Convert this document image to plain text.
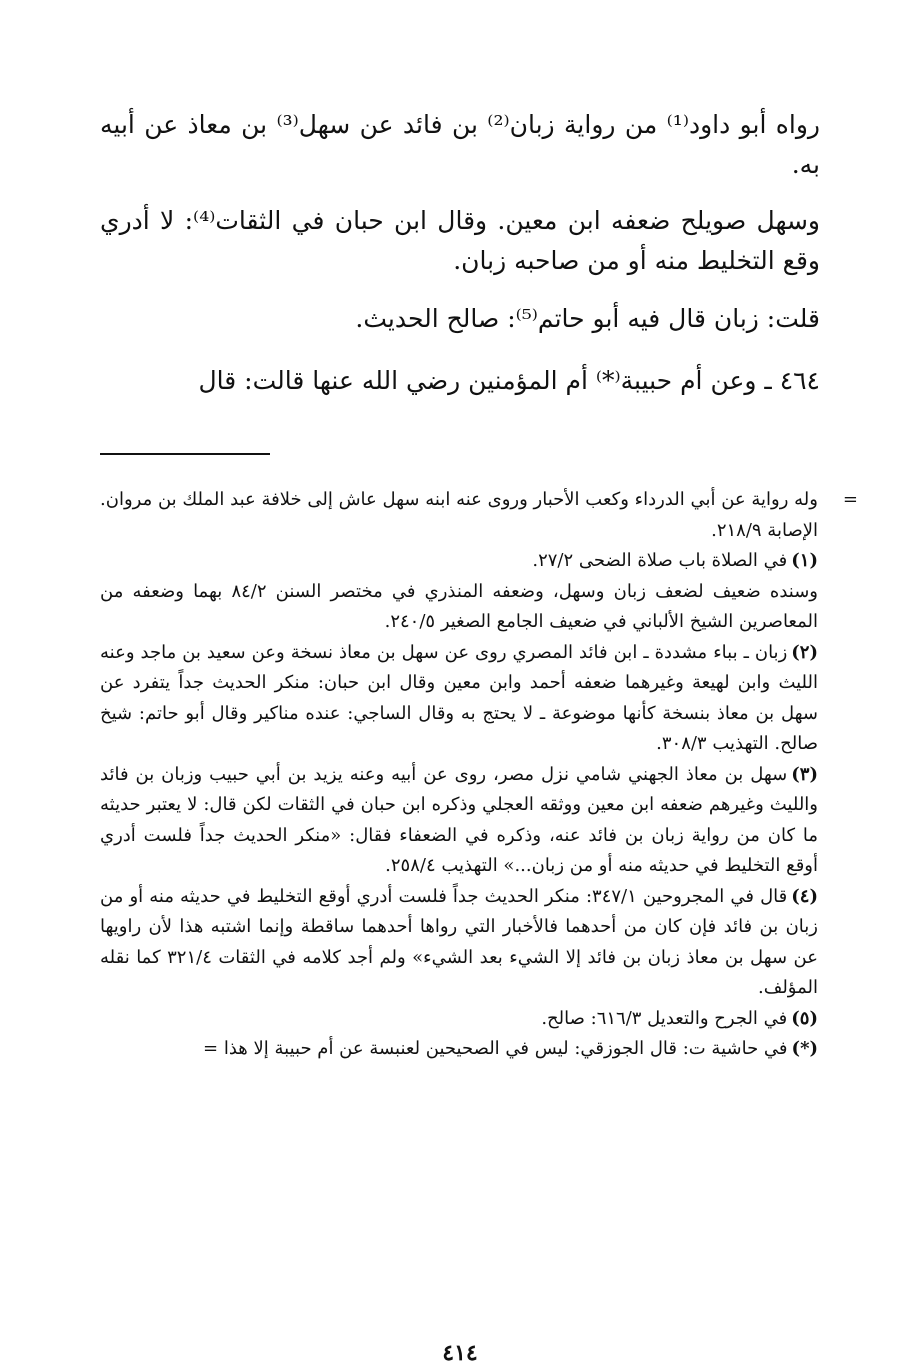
رواه أبو داود⁽¹⁾ من رواية زبان⁽²⁾ بن فائد عن سهل⁽³⁾ بن معاذ عن أبيه به.

وسهل صويلح ضعفه ابن معين. وقال ابن حبان في الثقات⁽⁴⁾: لا أدري وقع التخليط منه أو من صاحبه زبان.

قلت: زبان قال فيه أبو حاتم⁽⁵⁾: صالح الحديث.

٤٦٤ ـ وعن أم حبيبة⁽*⁾ أم المؤمنين رضي الله عنها قالت: قال

=
وله رواية عن أبي الدرداء وكعب الأحبار وروى عنه ابنه سهل عاش إلى خلافة عبد الملك بن مروان. الإصابة ٢١٨/٩.

(١)في الصلاة باب صلاة الضحى ٢٧/٢.

وسنده ضعيف لضعف زبان وسهل، وضعفه المنذري في مختصر السنن ٨٤/٢ بهما وضعفه من المعاصرين الشيخ الألباني في ضعيف الجامع الصغير ٢٤٠/٥.

(٢)زبان ـ بباء مشددة ـ ابن فائد المصري روى عن سهل بن معاذ نسخة وعن سعيد بن ماجد وعنه الليث وابن لهيعة وغيرهما ضعفه أحمد وابن معين وقال ابن حبان: منكر الحديث جداً يتفرد عن سهل بن معاذ بنسخة كأنها موضوعة ـ لا يحتج به وقال الساجي: عنده مناكير وقال أبو حاتم: شيخ صالح. التهذيب ٣٠٨/٣.

(٣)سهل بن معاذ الجهني شامي نزل مصر، روى عن أبيه وعنه يزيد بن أبي حبيب وزبان بن فائد والليث وغيرهم ضعفه ابن معين ووثقه العجلي وذكره ابن حبان في الثقات لكن قال: لا يعتبر حديثه ما كان من رواية زبان بن فائد عنه، وذكره في الضعفاء فقال: «منكر الحديث جداً فلست أدري أوقع التخليط في حديثه منه أو من زبان...» التهذيب ٢٥٨/٤.

(٤)قال في المجروحين ٣٤٧/١: منكر الحديث جداً فلست أدري أوقع التخليط في حديثه منه أو من زبان بن فائد فإن كان من أحدهما فالأخبار التي رواها أحدهما ساقطة وإنما اشتبه هذا لأن راويها عن سهل بن معاذ زبان بن فائد إلا الشيء بعد الشيء» ولم أجد كلامه في الثقات ٣٢١/٤ كما نقله المؤلف.

(٥)في الجرح والتعديل ٦١٦/٣: صالح.

(*)في حاشية ت: قال الجوزقي: ليس في الصحيحين لعنبسة عن أم حبيبة إلا هذا =

٤١٤
